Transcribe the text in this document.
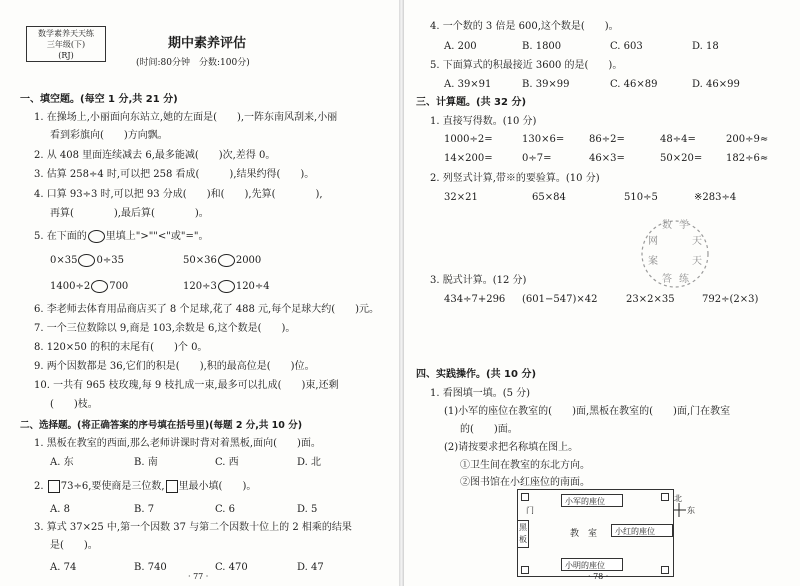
数学素养天天练
三年级(下)
(RJ)
期中素养评估
(时间:80分钟　分数:100分)
一、填空题。(每空 1 分,共 21 分)
1. 在操场上,小丽面向东站立,她的左面是(　　),一阵东南风刮来,小丽
看到彩旗向(　　)方向飘。
2. 从 408 里面连续减去 6,最多能减(　　)次,差得 0。
3. 估算 258÷4 时,可以把 258 看成(　　　),结果约得(　　)。
4. 口算 93÷3 时,可以把 93 分成(　　)和(　　),先算(　　　　),
再算(　　　　),最后算(　　　　)。
5. 在下面的 里填上">""<"或"="。
0×35 0÷35	50×36 2000
1400÷2 700	120÷3 120÷4
6. 李老师去体育用品商店买了 8 个足球,花了 488 元,每个足球大约(　　)元。
7. 一个三位数除以 9,商是 103,余数是 6,这个数是(　　)。
8. 120×50 的积的末尾有(　　)个 0。
9. 两个因数都是 36,它们的积是(　　),积的最高位是(　　)位。
10. 一共有 965 枝玫瑰,每 9 枝扎成一束,最多可以扎成(　　)束,还剩
(　　)枝。
二、选择题。(将正确答案的序号填在括号里)(每题 2 分,共 10 分)
1. 黑板在教室的西面,那么老师讲课时背对着黑板,面向(　　)面。
A. 东	B. 南	C. 西	D. 北
2. 73÷6,要使商是三位数, 里最小填(　　)。
A. 8	B. 7	C. 6	D. 5
3. 算式 37×25 中,第一个因数 37 与第二个因数十位上的 2 相乘的结果
是(　　)。
A. 74	B. 740	C. 470	D. 47
· 77 ·
4. 一个数的 3 倍是 600,这个数是(　　)。
A. 200	B. 1800	C. 603	D. 18
5. 下面算式的积最接近 3600 的是(　　)。
A. 39×91	B. 39×99	C. 46×89	D. 46×99
三、计算题。(共 32 分)
1. 直接写得数。(10 分)
1000÷2=	130×6= 86÷2=	48÷4=	200÷9≈
14×200=	0÷7=	46×3=	50×20= 182÷6≈
2. 列竖式计算,带※的要验算。(10 分)
32×21	65×84	510÷5	※283÷4
数 学
天
天
练
答
案
网
3. 脱式计算。(12 分)
434÷7+296 (601−547)×42	23×2×35	792÷(2×3)
四、实践操作。(共 10 分)
1. 看图填一填。(5 分)
(1)小军的座位在教室的(　　)面,黑板在教室的(　　)面,门在教室
的(　　)面。
(2)请按要求把名称填在图上。
①卫生间在教室的东北方向。
②图书馆在小红座位的南面。
小军的座位
门
黑板
教　室 小红的座位
小明的座位
北
东
· 78 ·
